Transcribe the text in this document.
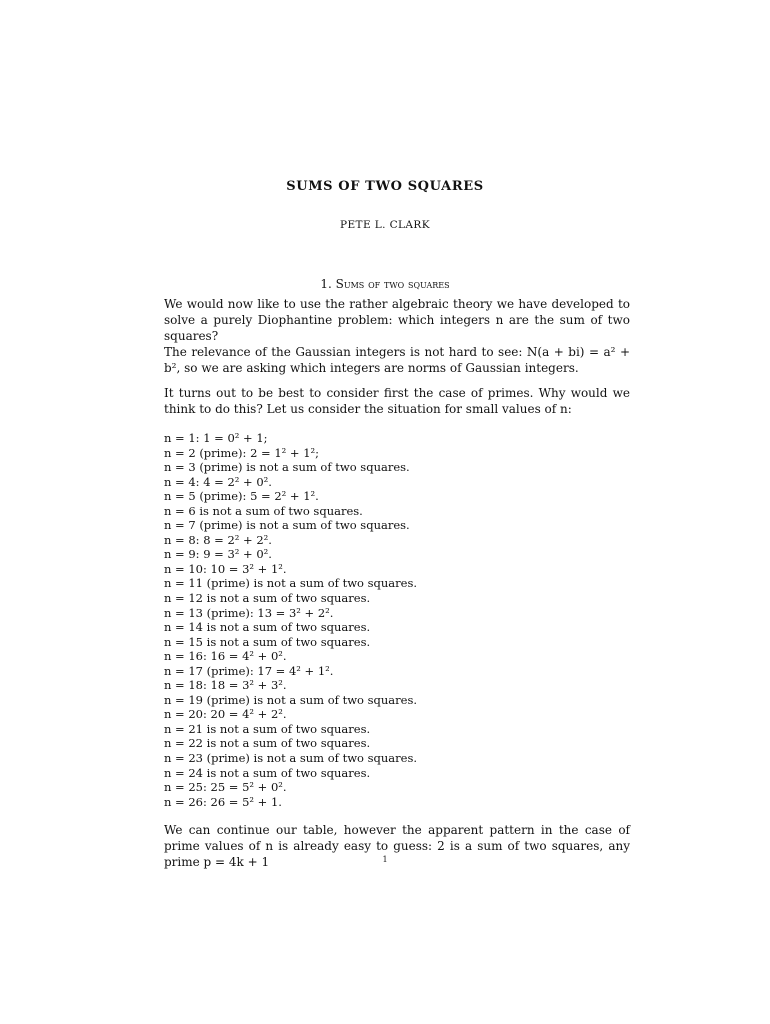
SUMS OF TWO SQUARES
PETE L. CLARK
1. Sums of two squares
We would now like to use the rather algebraic theory we have developed to solve a purely Diophantine problem: which integers n are the sum of two squares?
The relevance of the Gaussian integers is not hard to see: N(a + bi) = a² + b², so we are asking which integers are norms of Gaussian integers.
It turns out to be best to consider first the case of primes. Why would we think to do this? Let us consider the situation for small values of n:
n = 1: 1 = 0² + 1;
n = 2 (prime): 2 = 1² + 1²;
n = 3 (prime) is not a sum of two squares.
n = 4: 4 = 2² + 0².
n = 5 (prime): 5 = 2² + 1².
n = 6 is not a sum of two squares.
n = 7 (prime) is not a sum of two squares.
n = 8: 8 = 2² + 2².
n = 9: 9 = 3² + 0².
n = 10: 10 = 3² + 1².
n = 11 (prime) is not a sum of two squares.
n = 12 is not a sum of two squares.
n = 13 (prime): 13 = 3² + 2².
n = 14 is not a sum of two squares.
n = 15 is not a sum of two squares.
n = 16: 16 = 4² + 0².
n = 17 (prime): 17 = 4² + 1².
n = 18: 18 = 3² + 3².
n = 19 (prime) is not a sum of two squares.
n = 20: 20 = 4² + 2².
n = 21 is not a sum of two squares.
n = 22 is not a sum of two squares.
n = 23 (prime) is not a sum of two squares.
n = 24 is not a sum of two squares.
n = 25: 25 = 5² + 0².
n = 26: 26 = 5² + 1.
We can continue our table, however the apparent pattern in the case of prime values of n is already easy to guess: 2 is a sum of two squares, any prime p = 4k + 1	1
